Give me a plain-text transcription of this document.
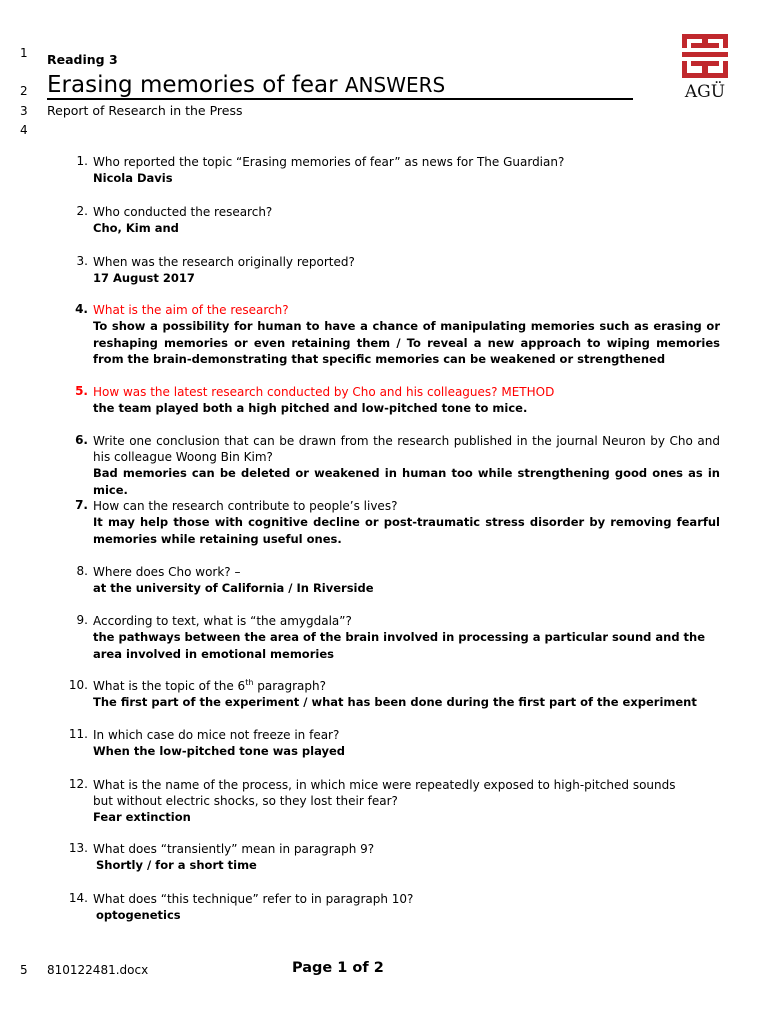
1
2
3
4
5
Reading 3
Erasing memories of fear ANSWERS
Report of Research in the Press
AGÜ
1. Who reported the topic “Erasing memories of fear” as news for The Guardian?
Nicola Davis
2. Who conducted the research?
Cho, Kim and
3. When was the research originally reported?
17 August 2017
4. What is the aim of the research?
To show a possibility for human to have a chance of manipulating memories such as erasing or reshaping memories or even retaining them / To reveal a new approach to wiping memories from the brain-demonstrating that specific memories can be weakened or strengthened
5. How was the latest research conducted by Cho and his colleagues? METHOD
the team played both a high pitched and low-pitched tone to mice.
6. Write one conclusion that can be drawn from the research published in the journal Neuron by Cho and his colleague Woong Bin Kim?
Bad memories can be deleted or weakened in human too while strengthening good ones as in mice.
7. How can the research contribute to people’s lives?
It may help those with cognitive decline or post-traumatic stress disorder by removing fearful memories while retaining useful ones.
8. Where does Cho work? –
at the university of California / In Riverside
9. According to text, what is “the amygdala”?
the pathways between the area of the brain involved in processing a particular sound and the area involved in emotional memories
10. What is the topic of the 6th paragraph?
The first part of the experiment / what has been done during the first part of the experiment
11. In which case do mice not freeze in fear?
When the low-pitched tone was played
12. What is the name of the process, in which mice were repeatedly exposed to high-pitched sounds but without electric shocks, so they lost their fear?
Fear extinction
13. What does “transiently” mean in paragraph 9?
Shortly / for a short time
14. What does “this technique” refer to in paragraph 10?
optogenetics
810122481.docx	Page 1 of 2
